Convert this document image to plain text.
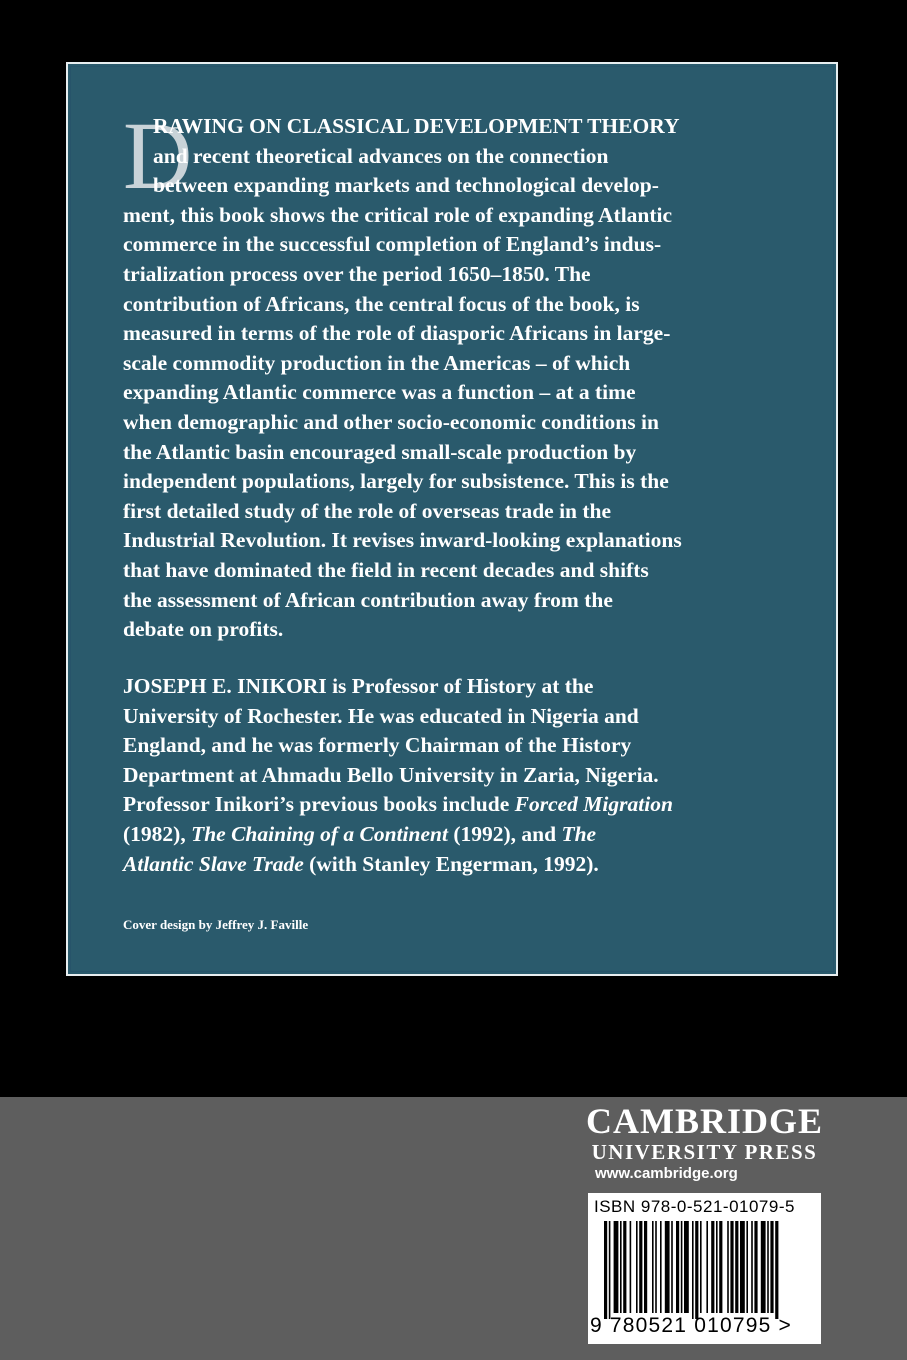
D
RAWING ON CLASSICAL DEVELOPMENT THEORY
and recent theoretical advances on the connection
between expanding markets and technological develop-
ment, this book shows the critical role of expanding Atlantic
commerce in the successful completion of England’s indus-
trialization process over the period 1650–1850. The
contribution of Africans, the central focus of the book, is
measured in terms of the role of diasporic Africans in large-
scale commodity production in the Americas – of which
expanding Atlantic commerce was a function – at a time
when demographic and other socio-economic conditions in
the Atlantic basin encouraged small-scale production by
independent populations, largely for subsistence. This is the
first detailed study of the role of overseas trade in the
Industrial Revolution. It revises inward-looking explanations
that have dominated the field in recent decades and shifts
the assessment of African contribution away from the
debate on profits.
JOSEPH E. INIKORI is Professor of History at the
University of Rochester. He was educated in Nigeria and
England, and he was formerly Chairman of the History
Department at Ahmadu Bello University in Zaria, Nigeria.
Professor Inikori’s previous books include Forced Migration
(1982), The Chaining of a Continent (1992), and The
Atlantic Slave Trade (with Stanley Engerman, 1992).
Cover design by Jeffrey J. Faville
CAMBRIDGE
UNIVERSITY PRESS
www.cambridge.org
ISBN 978-0-521-01079-5
9 780521 010795 >
